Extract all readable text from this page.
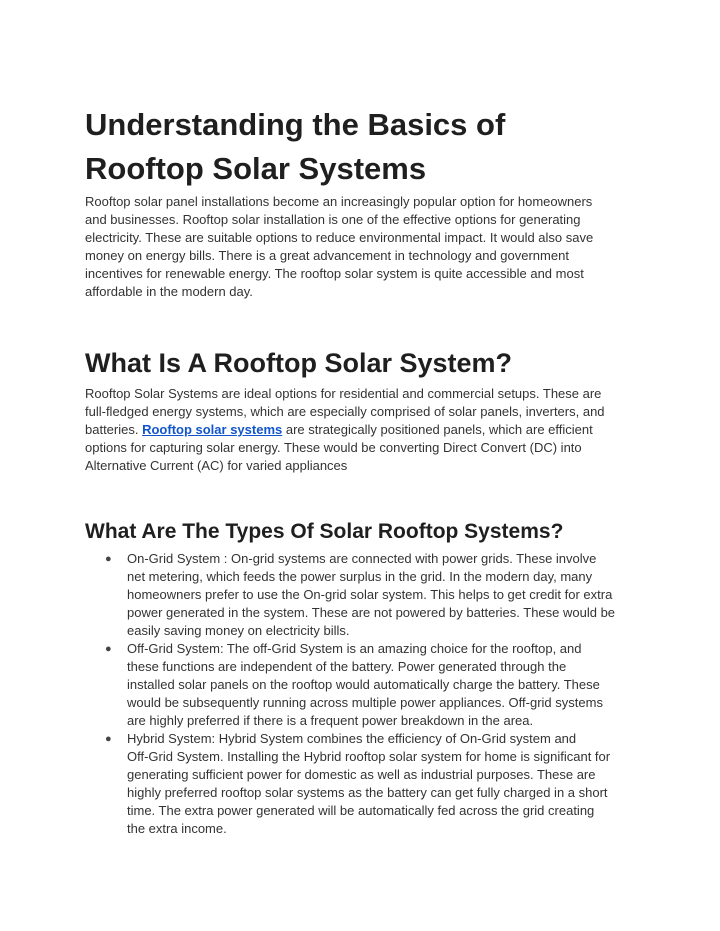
Understanding the Basics of
Rooftop Solar Systems
Rooftop solar panel installations become an increasingly popular option for homeowners
and businesses. Rooftop solar installation is one of the effective options for generating
electricity. These are suitable options to reduce environmental impact. It would also save
money on energy bills. There is a great advancement in technology and government
incentives for renewable energy. The rooftop solar system is quite accessible and most
affordable in the modern day.
What Is A Rooftop Solar System?
Rooftop Solar Systems are ideal options for residential and commercial setups. These are
full-fledged energy systems, which are especially comprised of solar panels, inverters, and
batteries. Rooftop solar systems are strategically positioned panels, which are efficient
options for capturing solar energy. These would be converting Direct Convert (DC) into
Alternative Current (AC) for varied appliances
What Are The Types Of Solar Rooftop Systems?
● On-Grid System : On-grid systems are connected with power grids. These involve
net metering, which feeds the power surplus in the grid. In the modern day, many
homeowners prefer to use the On-grid solar system. This helps to get credit for extra
power generated in the system. These are not powered by batteries. These would be
easily saving money on electricity bills.
● Off-Grid System: The off-Grid System is an amazing choice for the rooftop, and
these functions are independent of the battery. Power generated through the
installed solar panels on the rooftop would automatically charge the battery. These
would be subsequently running across multiple power appliances. Off-grid systems
are highly preferred if there is a frequent power breakdown in the area.
● Hybrid System: Hybrid System combines the efficiency of On-Grid system and
Off-Grid System. Installing the Hybrid rooftop solar system for home is significant for
generating sufficient power for domestic as well as industrial purposes. These are
highly preferred rooftop solar systems as the battery can get fully charged in a short
time. The extra power generated will be automatically fed across the grid creating
the extra income.
